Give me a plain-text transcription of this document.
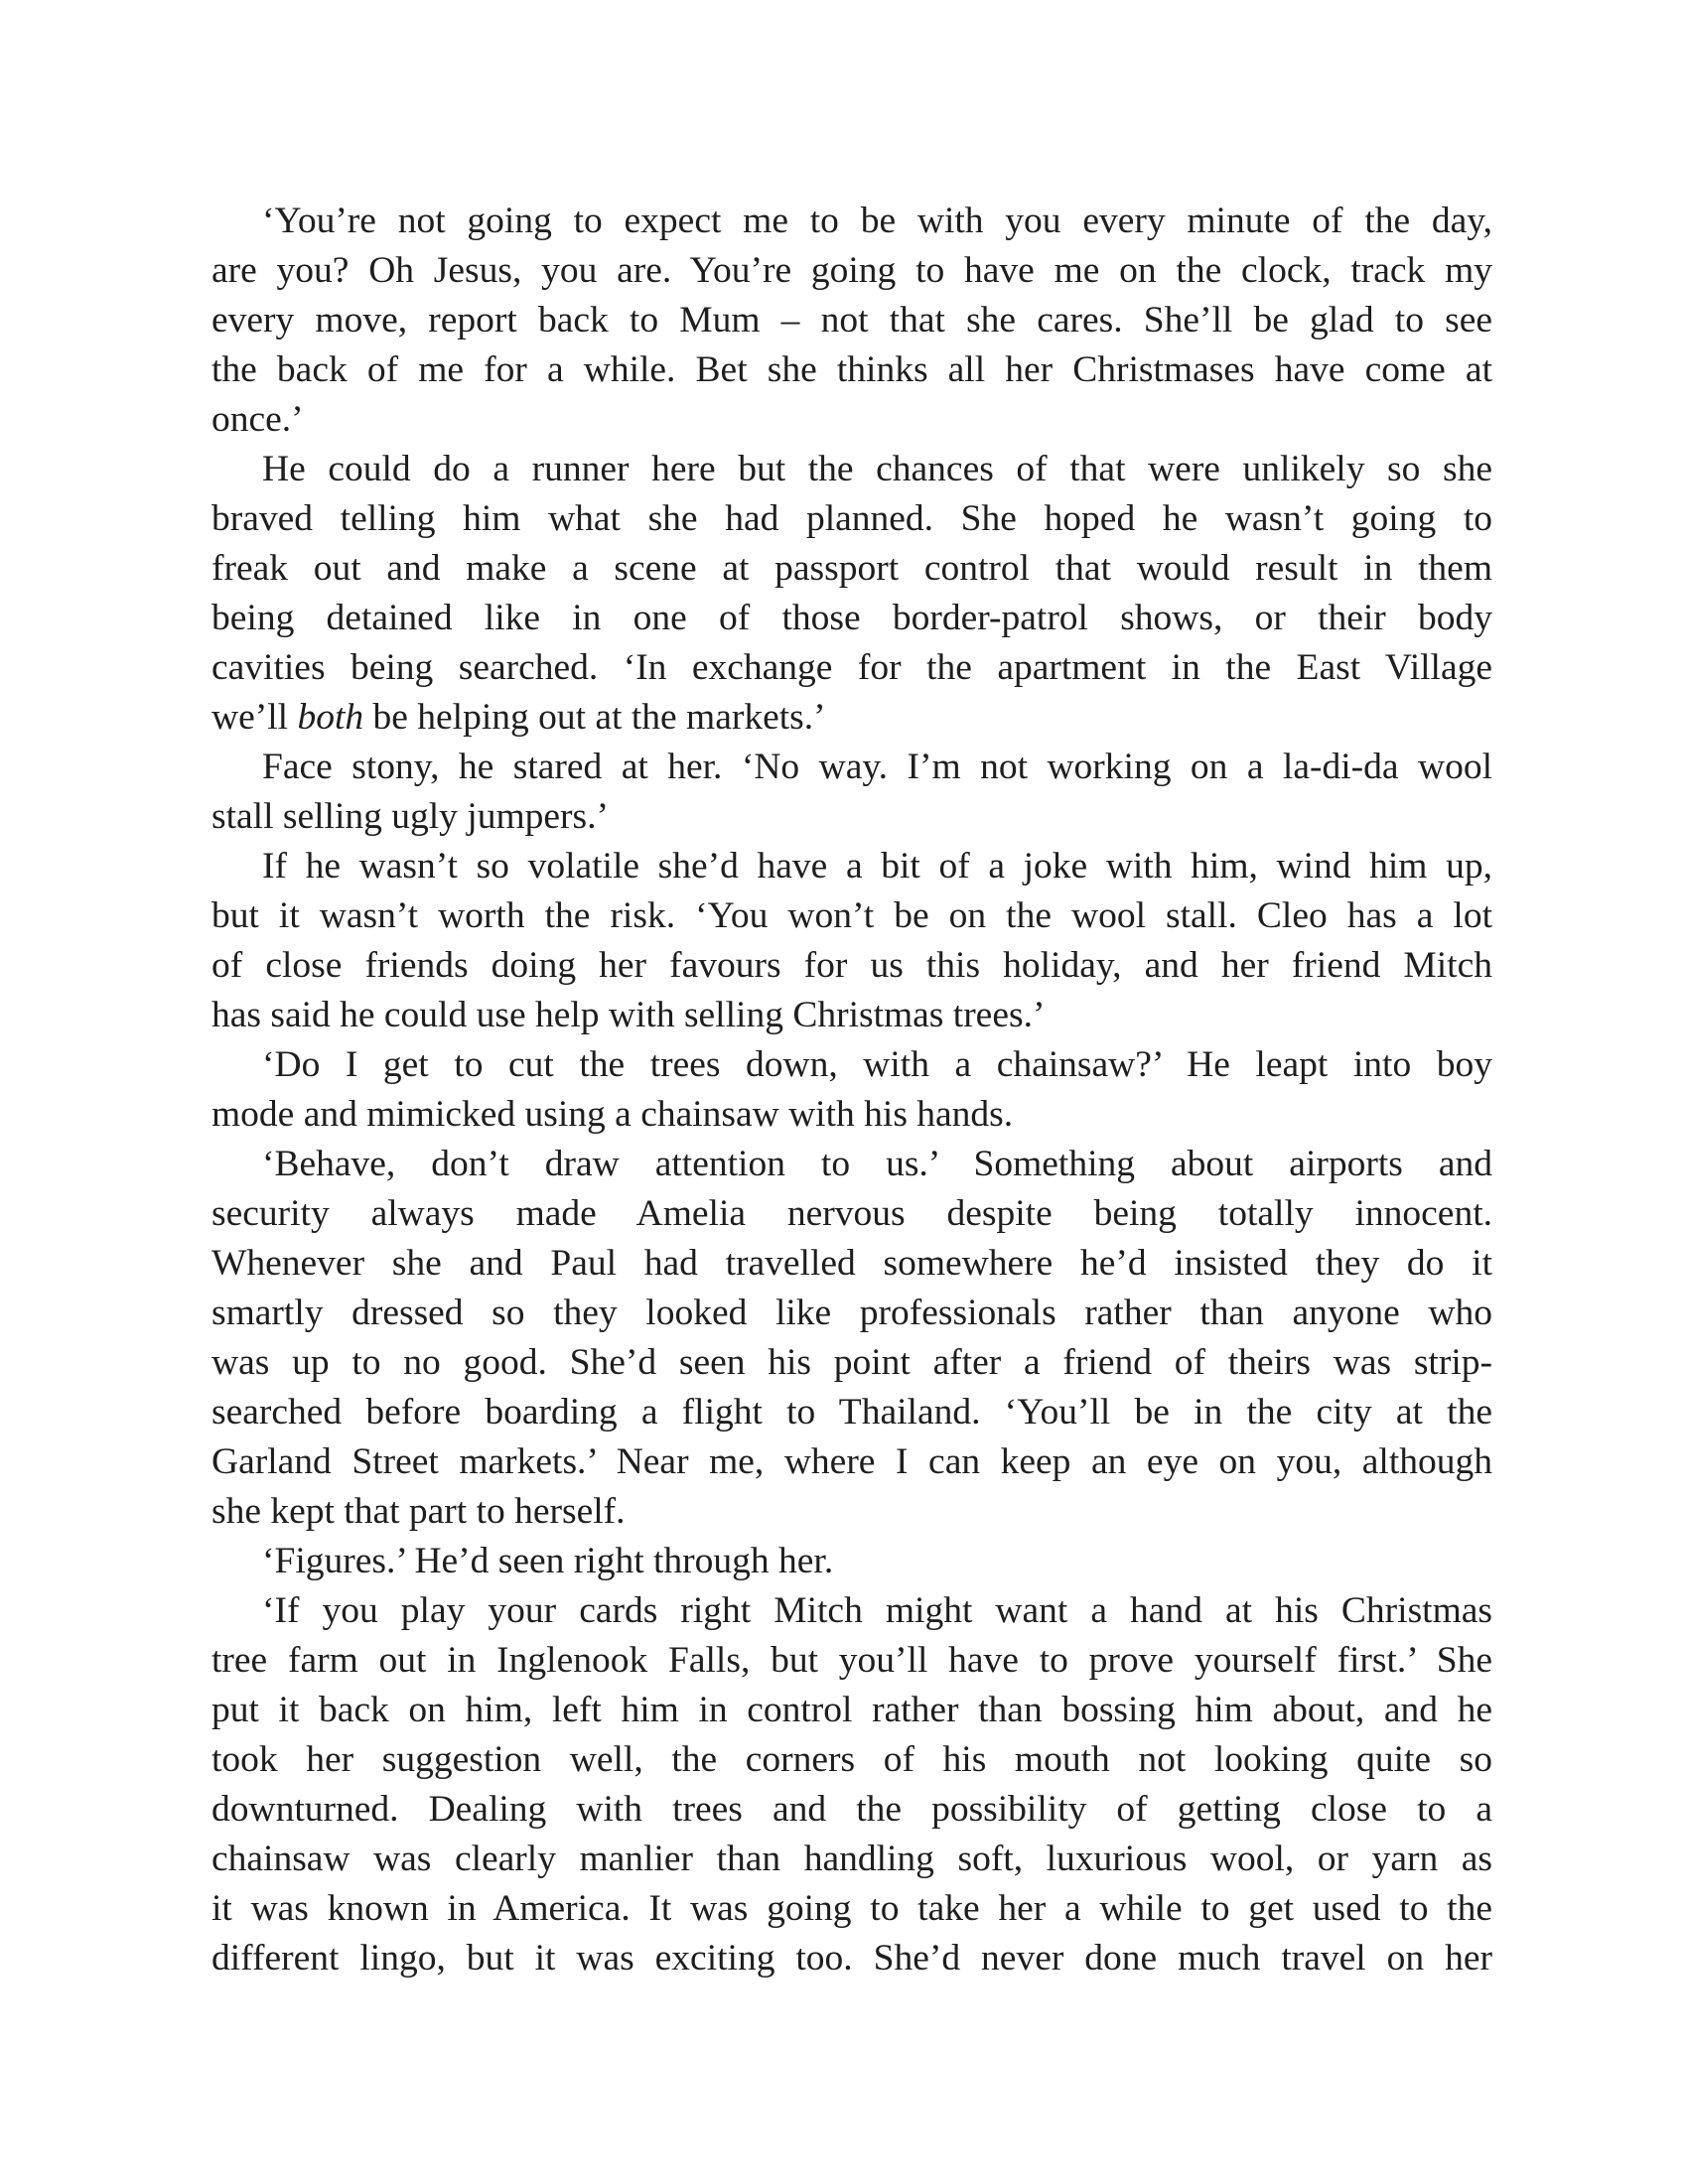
‘You’re not going to expect me to be with you every minute of the day,
are you? Oh Jesus, you are. You’re going to have me on the clock, track my
every move, report back to Mum – not that she cares. She’ll be glad to see
the back of me for a while. Bet she thinks all her Christmases have come at
once.’
He could do a runner here but the chances of that were unlikely so she
braved telling him what she had planned. She hoped he wasn’t going to
freak out and make a scene at passport control that would result in them
being detained like in one of those border-patrol shows, or their body
cavities being searched. ‘In exchange for the apartment in the East Village
we’ll both be helping out at the markets.’
Face stony, he stared at her. ‘No way. I’m not working on a la-di-da wool
stall selling ugly jumpers.’
If he wasn’t so volatile she’d have a bit of a joke with him, wind him up,
but it wasn’t worth the risk. ‘You won’t be on the wool stall. Cleo has a lot
of close friends doing her favours for us this holiday, and her friend Mitch
has said he could use help with selling Christmas trees.’
‘Do I get to cut the trees down, with a chainsaw?’ He leapt into boy
mode and mimicked using a chainsaw with his hands.
‘Behave, don’t draw attention to us.’ Something about airports and
security always made Amelia nervous despite being totally innocent.
Whenever she and Paul had travelled somewhere he’d insisted they do it
smartly dressed so they looked like professionals rather than anyone who
was up to no good. She’d seen his point after a friend of theirs was strip-
searched before boarding a flight to Thailand. ‘You’ll be in the city at the
Garland Street markets.’ Near me, where I can keep an eye on you, although
she kept that part to herself.
‘Figures.’ He’d seen right through her.
‘If you play your cards right Mitch might want a hand at his Christmas
tree farm out in Inglenook Falls, but you’ll have to prove yourself first.’ She
put it back on him, left him in control rather than bossing him about, and he
took her suggestion well, the corners of his mouth not looking quite so
downturned. Dealing with trees and the possibility of getting close to a
chainsaw was clearly manlier than handling soft, luxurious wool, or yarn as
it was known in America. It was going to take her a while to get used to the
different lingo, but it was exciting too. She’d never done much travel on her
